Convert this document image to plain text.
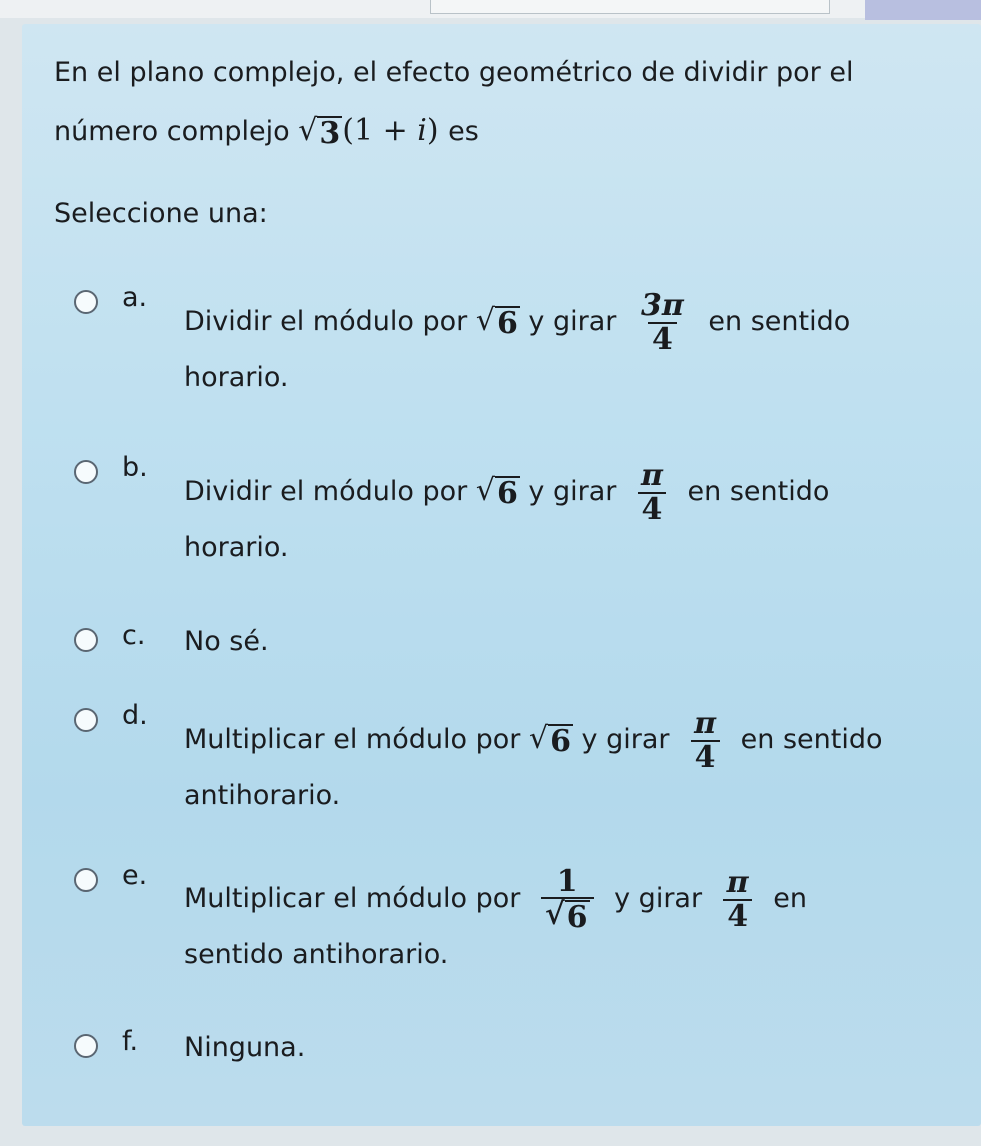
En el plano complejo, el efecto geométrico de dividir por el
número complejo √ 3 (1 + i) es
Seleccione una:
a.
Dividir el módulo por √ 6 y girar $\frac{3\pi}{4}$ en sentido
horario.
b.
Dividir el módulo por √ 6 y girar $\frac{\pi}{4}$ en sentido
horario.
c. No sé.
d.
Multiplicar el módulo por √ 6 y girar $\frac{\pi}{4}$ en sentido
antihorario.
e.
Multiplicar el módulo por $\frac{1}{√ 6}$ y girar $\frac{\pi}{4}$ en
sentido antihorario.
f. Ninguna.
